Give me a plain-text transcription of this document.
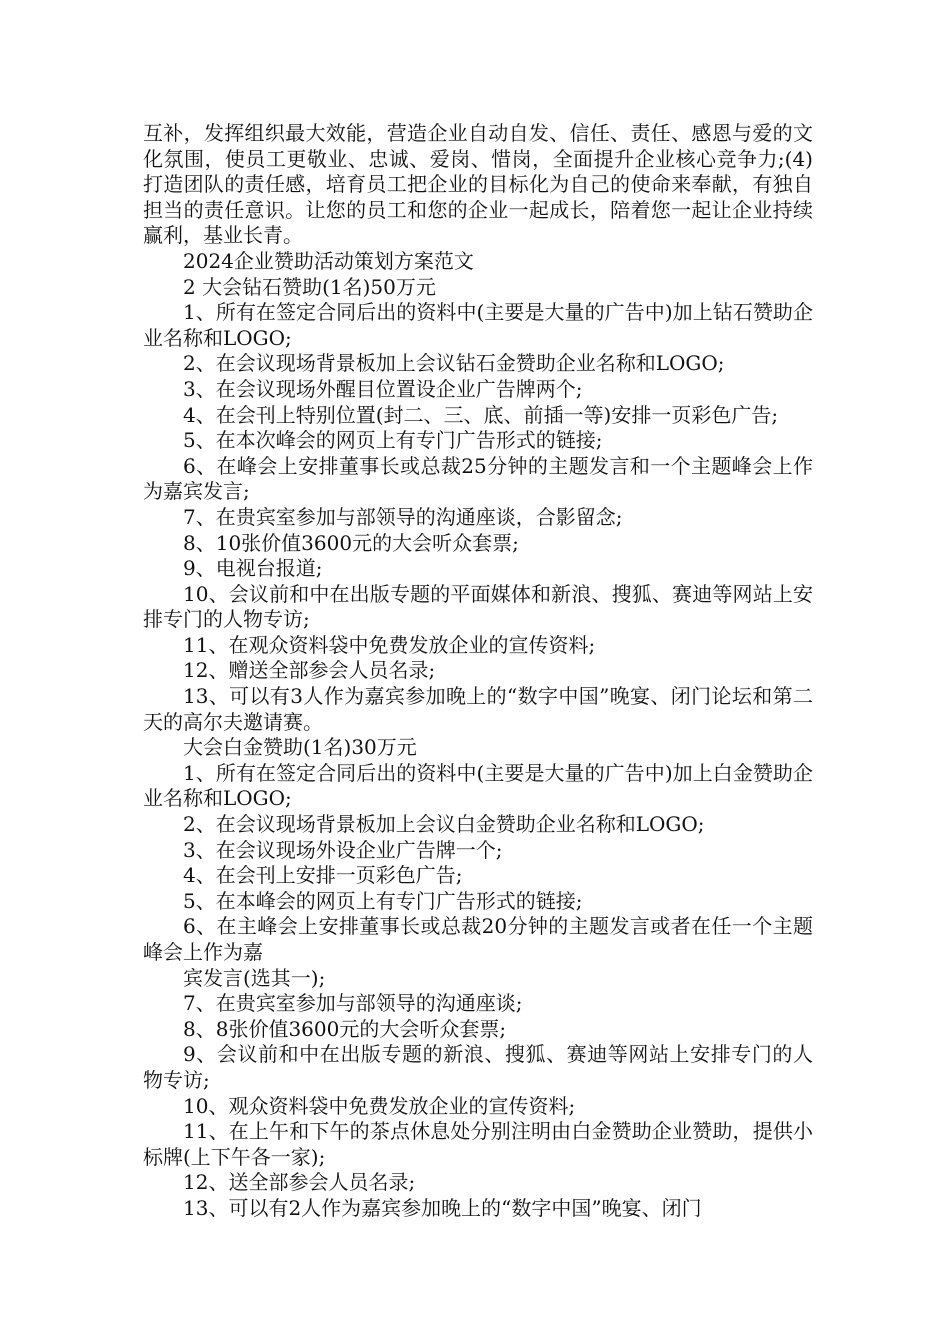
互补，发挥组织最大效能，营造企业自动自发、信任、责任、感恩与爱的文化氛围，使员工更敬业、忠诚、爱岗、惜岗，全面提升企业核心竞争力;(4)打造团队的责任感，培育员工把企业的目标化为自己的使命来奉献，有独自担当的责任意识。让您的员工和您的企业一起成长，陪着您一起让企业持续赢利，基业长青。

2024企业赞助活动策划方案范文

2 大会钻石赞助(1名)50万元

1、所有在签定合同后出的资料中(主要是大量的广告中)加上钻石赞助企业名称和LOGO;

2、在会议现场背景板加上会议钻石金赞助企业名称和LOGO;

3、在会议现场外醒目位置设企业广告牌两个;

4、在会刊上特别位置(封二、三、底、前插一等)安排一页彩色广告;

5、在本次峰会的网页上有专门广告形式的链接;

6、在峰会上安排董事长或总裁25分钟的主题发言和一个主题峰会上作为嘉宾发言;

7、在贵宾室参加与部领导的沟通座谈，合影留念;

8、10张价值3600元的大会听众套票;

9、电视台报道;

10、会议前和中在出版专题的平面媒体和新浪、搜狐、赛迪等网站上安排专门的人物专访;

11、在观众资料袋中免费发放企业的宣传资料;

12、赠送全部参会人员名录;

13、可以有3人作为嘉宾参加晚上的“数字中国”晚宴、闭门论坛和第二天的高尔夫邀请赛。

大会白金赞助(1名)30万元

1、所有在签定合同后出的资料中(主要是大量的广告中)加上白金赞助企业名称和LOGO;

2、在会议现场背景板加上会议白金赞助企业名称和LOGO;

3、在会议现场外设企业广告牌一个;

4、在会刊上安排一页彩色广告;

5、在本峰会的网页上有专门广告形式的链接;

6、在主峰会上安排董事长或总裁20分钟的主题发言或者在任一个主题峰会上作为嘉

宾发言(选其一);

7、在贵宾室参加与部领导的沟通座谈;

8、8张价值3600元的大会听众套票;

9、会议前和中在出版专题的新浪、搜狐、赛迪等网站上安排专门的人物专访;

10、观众资料袋中免费发放企业的宣传资料;

11、在上午和下午的茶点休息处分别注明由白金赞助企业赞助，提供小标牌(上下午各一家);

12、送全部参会人员名录;

13、可以有2人作为嘉宾参加晚上的“数字中国”晚宴、闭门
